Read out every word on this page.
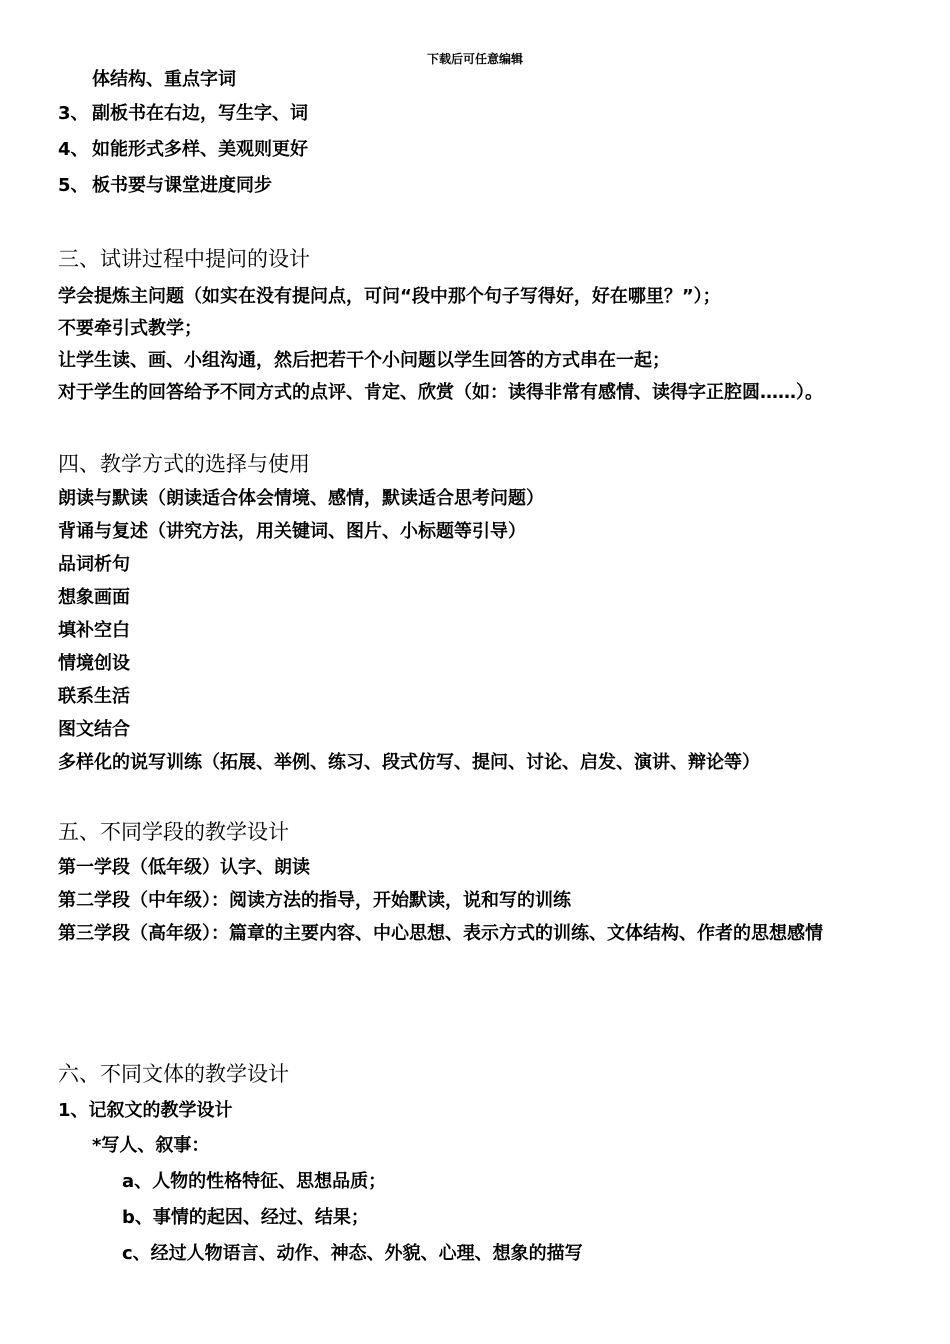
下载后可任意编辑
体结构、重点字词
3、 副板书在右边，写生字、词
4、 如能形式多样、美观则更好
5、 板书要与课堂进度同步
三、试讲过程中提问的设计
学会提炼主问题（如实在没有提问点，可问“段中那个句子写得好，好在哪里？”）；
不要牵引式教学；
让学生读、画、小组沟通，然后把若干个小问题以学生回答的方式串在一起；
对于学生的回答给予不同方式的点评、肯定、欣赏（如：读得非常有感情、读得字正腔圆……）。
四、教学方式的选择与使用
朗读与默读（朗读适合体会情境、感情，默读适合思考问题）
背诵与复述（讲究方法，用关键词、图片、小标题等引导）
品词析句
想象画面
填补空白
情境创设
联系生活
图文结合
多样化的说写训练（拓展、举例、练习、段式仿写、提问、讨论、启发、演讲、辩论等）
五、不同学段的教学设计
第一学段（低年级）认字、朗读
第二学段（中年级）：阅读方法的指导，开始默读，说和写的训练
第三学段（高年级）：篇章的主要内容、中心思想、表示方式的训练、文体结构、作者的思想感情
六、不同文体的教学设计
1、记叙文的教学设计
*写人、叙事：
a、人物的性格特征、思想品质；
b、事情的起因、经过、结果；
c、经过人物语言、动作、神态、外貌、心理、想象的描写
